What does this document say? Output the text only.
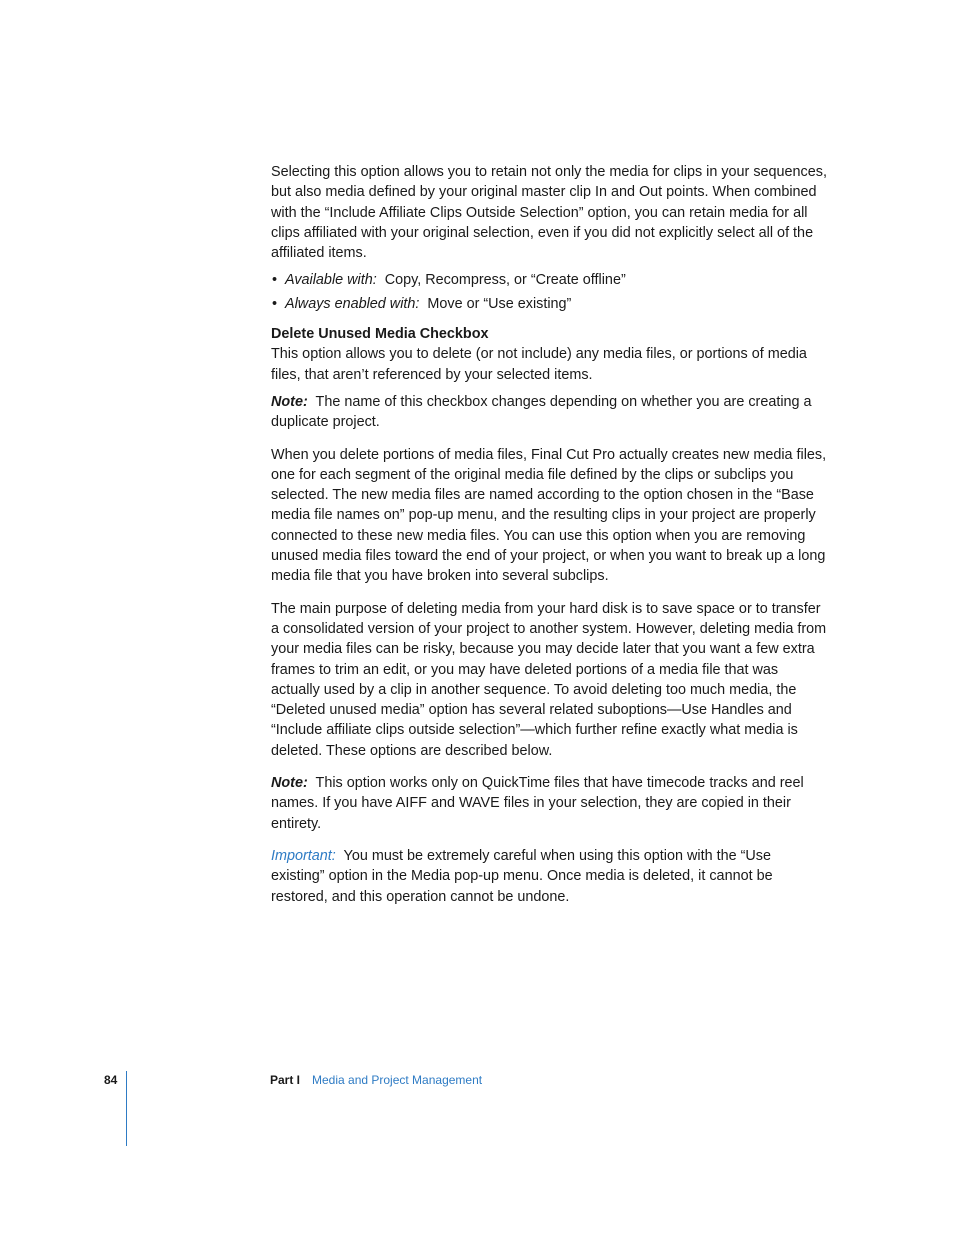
Selecting this option allows you to retain not only the media for clips in your sequences, but also media defined by your original master clip In and Out points. When combined with the “Include Affiliate Clips Outside Selection” option, you can retain media for all clips affiliated with your original selection, even if you did not explicitly select all of the affiliated items.

• Available with: Copy, Recompress, or “Create offline”
• Always enabled with: Move or “Use existing”

Delete Unused Media Checkbox

This option allows you to delete (or not include) any media files, or portions of media files, that aren’t referenced by your selected items.

Note: The name of this checkbox changes depending on whether you are creating a duplicate project.

When you delete portions of media files, Final Cut Pro actually creates new media files, one for each segment of the original media file defined by the clips or subclips you selected. The new media files are named according to the option chosen in the “Base media file names on” pop-up menu, and the resulting clips in your project are properly connected to these new media files. You can use this option when you are removing unused media files toward the end of your project, or when you want to break up a long media file that you have broken into several subclips.

The main purpose of deleting media from your hard disk is to save space or to transfer a consolidated version of your project to another system. However, deleting media from your media files can be risky, because you may decide later that you want a few extra frames to trim an edit, or you may have deleted portions of a media file that was actually used by a clip in another sequence. To avoid deleting too much media, the “Deleted unused media” option has several related suboptions—Use Handles and “Include affiliate clips outside selection”—which further refine exactly what media is deleted. These options are described below.

Note: This option works only on QuickTime files that have timecode tracks and reel names. If you have AIFF and WAVE files in your selection, they are copied in their entirety.

Important: You must be extremely careful when using this option with the “Use existing” option in the Media pop-up menu. Once media is deleted, it cannot be restored, and this operation cannot be undone.

84	Part I Media and Project Management
